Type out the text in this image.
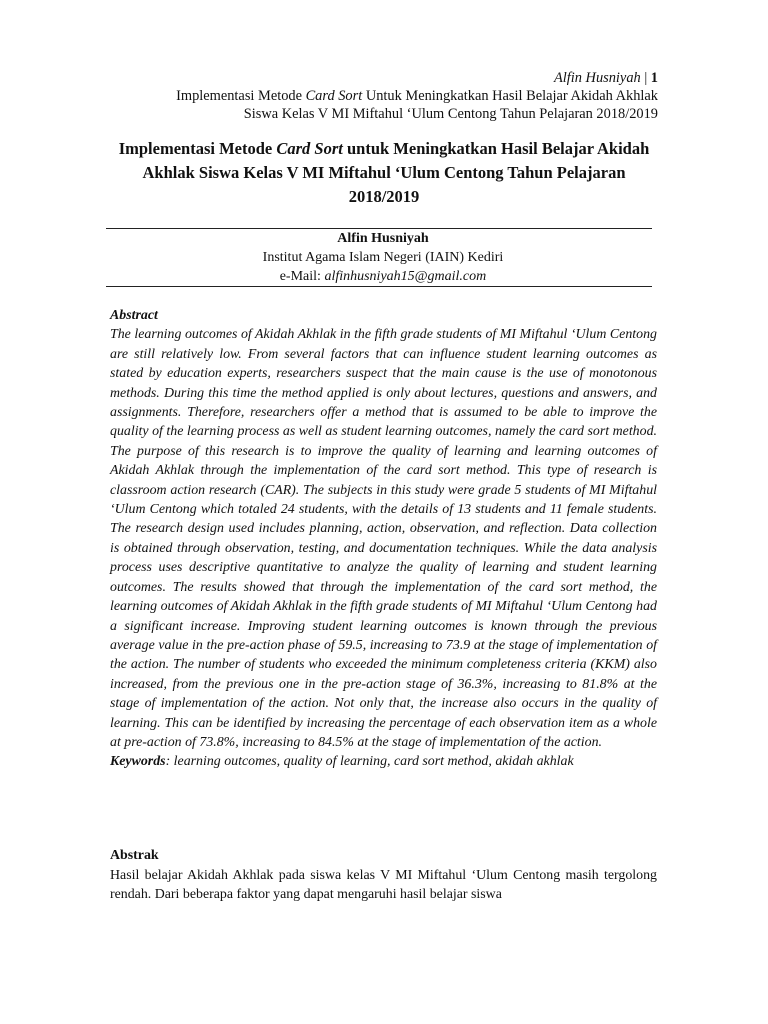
Alfin Husniyah | 1
Implementasi Metode Card Sort Untuk Meningkatkan Hasil Belajar Akidah Akhlak
Siswa Kelas V MI Miftahul ‘Ulum Centong Tahun Pelajaran 2018/2019
Implementasi Metode Card Sort untuk Meningkatkan Hasil Belajar Akidah Akhlak Siswa Kelas V MI Miftahul ‘Ulum Centong Tahun Pelajaran 2018/2019
Alfin Husniyah
Institut Agama Islam Negeri (IAIN) Kediri
e-Mail: alfinhusniyah15@gmail.com
Abstract

The learning outcomes of Akidah Akhlak in the fifth grade students of MI Miftahul ‘Ulum Centong are still relatively low. From several factors that can influence student learning outcomes as stated by education experts, researchers suspect that the main cause is the use of monotonous methods. During this time the method applied is only about lectures, questions and answers, and assignments. Therefore, researchers offer a method that is assumed to be able to improve the quality of the learning process as well as student learning outcomes, namely the card sort method. The purpose of this research is to improve the quality of learning and learning outcomes of Akidah Akhlak through the implementation of the card sort method. This type of research is classroom action research (CAR). The subjects in this study were grade 5 students of MI Miftahul ‘Ulum Centong which totaled 24 students, with the details of 13 students and 11 female students. The research design used includes planning, action, observation, and reflection. Data collection is obtained through observation, testing, and documentation techniques. While the data analysis process uses descriptive quantitative to analyze the quality of learning and student learning outcomes. The results showed that through the implementation of the card sort method, the learning outcomes of Akidah Akhlak in the fifth grade students of MI Miftahul ‘Ulum Centong had a significant increase. Improving student learning outcomes is known through the previous average value in the pre-action phase of 59.5, increasing to 73.9 at the stage of implementation of the action. The number of students who exceeded the minimum completeness criteria (KKM) also increased, from the previous one in the pre-action stage of 36.3%, increasing to 81.8% at the stage of implementation of the action. Not only that, the increase also occurs in the quality of learning. This can be identified by increasing the percentage of each observation item as a whole at pre-action of 73.8%, increasing to 84.5% at the stage of implementation of the action.

Keywords: learning outcomes, quality of learning, card sort method, akidah akhlak

Abstrak

Hasil belajar Akidah Akhlak pada siswa kelas V MI Miftahul ‘Ulum Centong masih tergolong rendah. Dari beberapa faktor yang dapat mengaruhi hasil belajar siswa
